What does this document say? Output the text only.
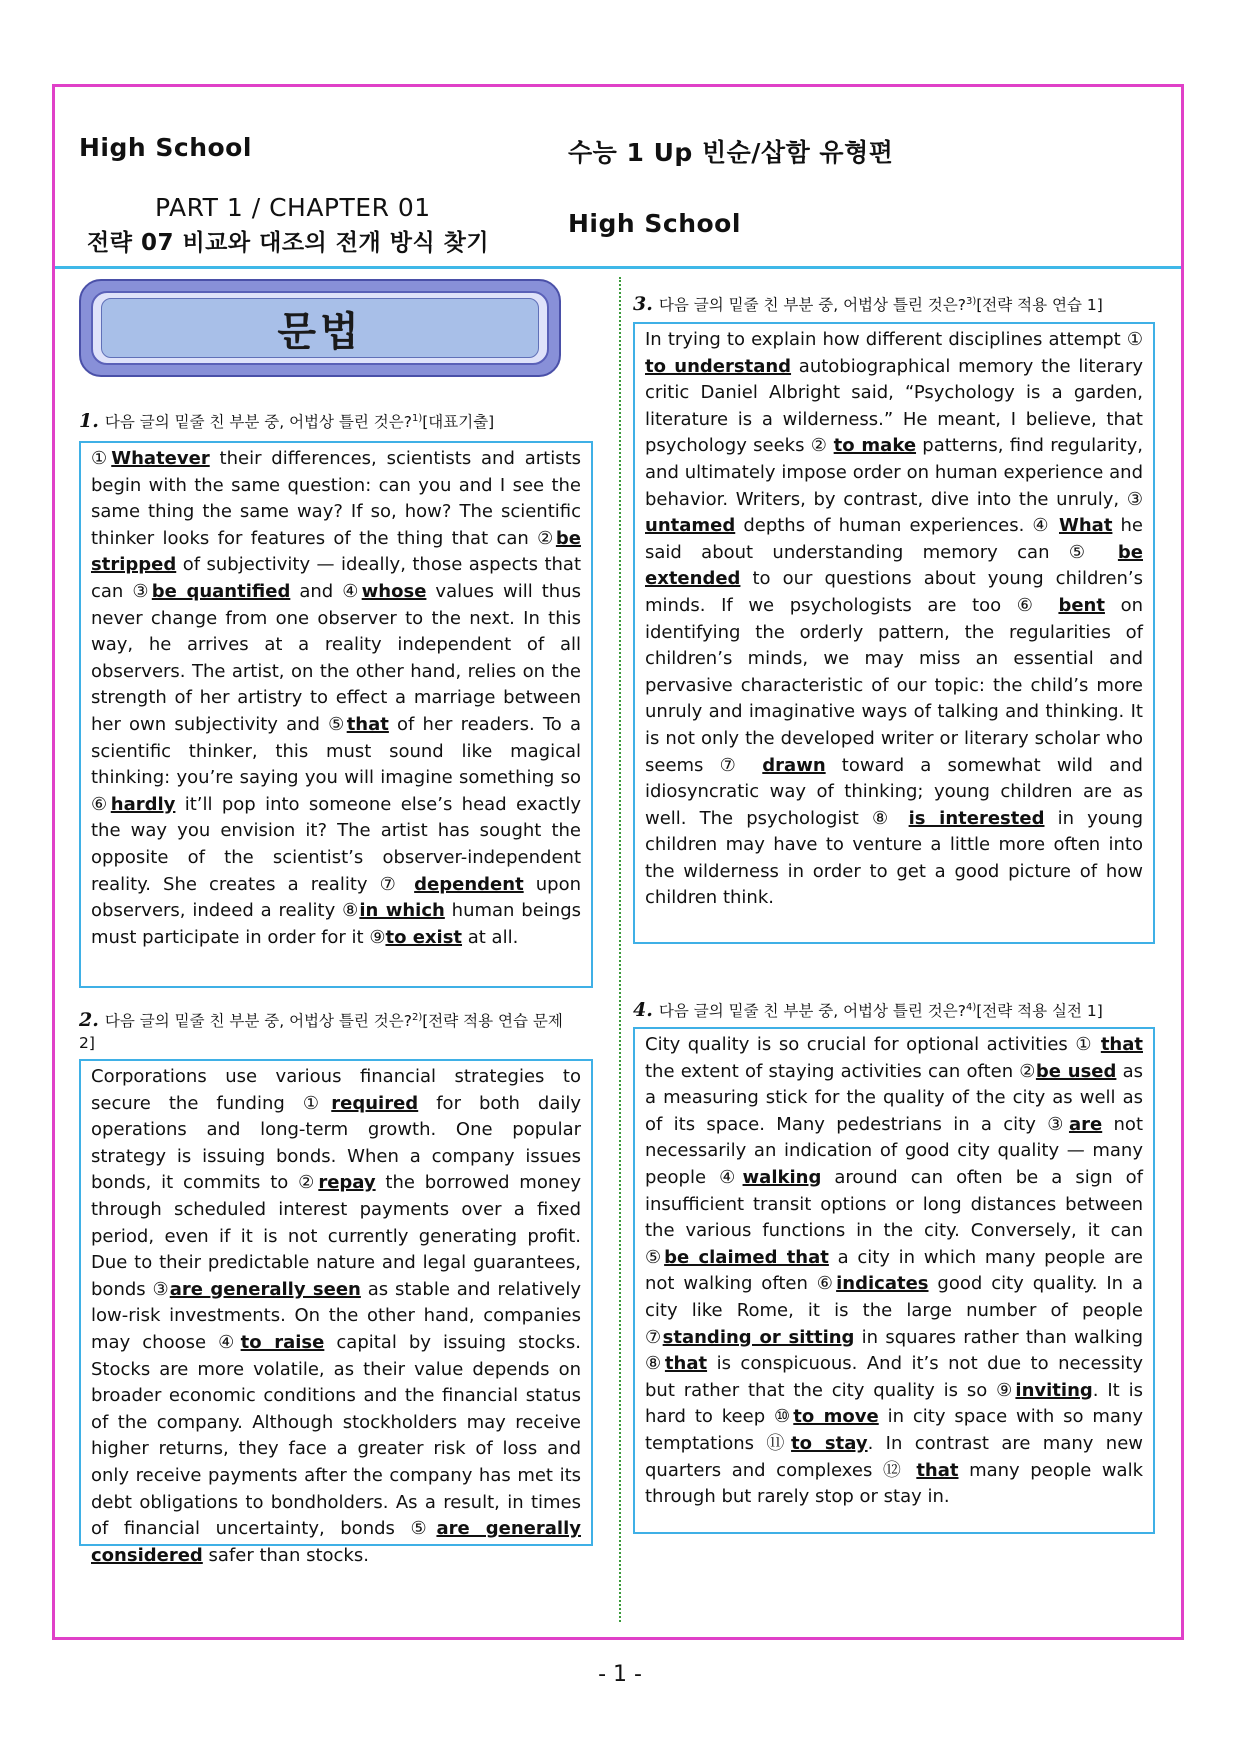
High School	수능 1 Up 빈순/삽함 유형편
PART 1 / CHAPTER 01
전략 07 비교와 대조의 전개 방식 찾기
High School
문법
1. 다음 글의 밑줄 친 부분 중, 어법상 틀린 것은?$^{1)}$[대표기출]

①Whatever their differences, scientists and artists begin with the same question: can you and I see the same thing the same way? If so, how? The scientific thinker looks for features of the thing that can ②be stripped of subjectivity — ideally, those aspects that can ③be quantified and ④whose values will thus never change from one observer to the next. In this way, he arrives at a reality independent of all observers. The artist, on the other hand, relies on the strength of her artistry to effect a marriage between her own subjectivity and ⑤that of her readers. To a scientific thinker, this must sound like magical thinking: you’re saying you will imagine something so ⑥hardly it’ll pop into someone else’s head exactly the way you envision it? The artist has sought the opposite of the scientist’s observer-independent reality. She creates a reality ⑦ dependent upon observers, indeed a reality ⑧in which human beings must participate in order for it ⑨to exist at all.

2. 다음 글의 밑줄 친 부분 중, 어법상 틀린 것은?$^{2)}$[전략 적용 연습 문제 2]

Corporations use various financial strategies to secure the funding ①required for both daily operations and long-term growth. One popular strategy is issuing bonds. When a company issues bonds, it commits to ②repay the borrowed money through scheduled interest payments over a fixed period, even if it is not currently generating profit. Due to their predictable nature and legal guarantees, bonds ③are generally seen as stable and relatively low-risk investments. On the other hand, companies may choose ④to raise capital by issuing stocks. Stocks are more volatile, as their value depends on broader economic conditions and the financial status of the company. Although stockholders may receive higher returns, they face a greater risk of loss and only receive payments after the company has met its debt obligations to bondholders. As a result, in times of financial uncertainty, bonds ⑤are generally considered safer than stocks.

3. 다음 글의 밑줄 친 부분 중, 어법상 틀린 것은?$^{3)}$[전략 적용 연습 1]

In trying to explain how different disciplines attempt ① to understand autobiographical memory the literary critic Daniel Albright said, “Psychology is a garden, literature is a wilderness.” He meant, I believe, that psychology seeks ② to make patterns, find regularity, and ultimately impose order on human experience and behavior. Writers, by contrast, dive into the unruly, ③ untamed depths of human experiences. ④ What he said about understanding memory can ⑤ be extended to our questions about young children’s minds. If we psychologists are too ⑥ bent on identifying the orderly pattern, the regularities of children’s minds, we may miss an essential and pervasive characteristic of our topic: the child’s more unruly and imaginative ways of talking and thinking. It is not only the developed writer or literary scholar who seems ⑦ drawn toward a somewhat wild and idiosyncratic way of thinking; young children are as well. The psychologist ⑧ is interested in young children may have to venture a little more often into the wilderness in order to get a good picture of how children think.

4. 다음 글의 밑줄 친 부분 중, 어법상 틀린 것은?$^{4)}$[전략 적용 실전 1]

City quality is so crucial for optional activities ① that the extent of staying activities can often ②be used as a measuring stick for the quality of the city as well as of its space. Many pedestrians in a city ③are not necessarily an indication of good city quality — many people ④walking around can often be a sign of insufficient transit options or long distances between the various functions in the city. Conversely, it can ⑤be claimed that a city in which many people are not walking often ⑥indicates good city quality. In a city like Rome, it is the large number of people ⑦standing or sitting in squares rather than walking ⑧that is conspicuous. And it’s not due to necessity but rather that the city quality is so ⑨inviting. It is hard to keep ⑩to move in city space with so many temptations ⑪to stay. In contrast are many new quarters and complexes ⑫ that many people walk through but rarely stop or stay in.

- 1 -
